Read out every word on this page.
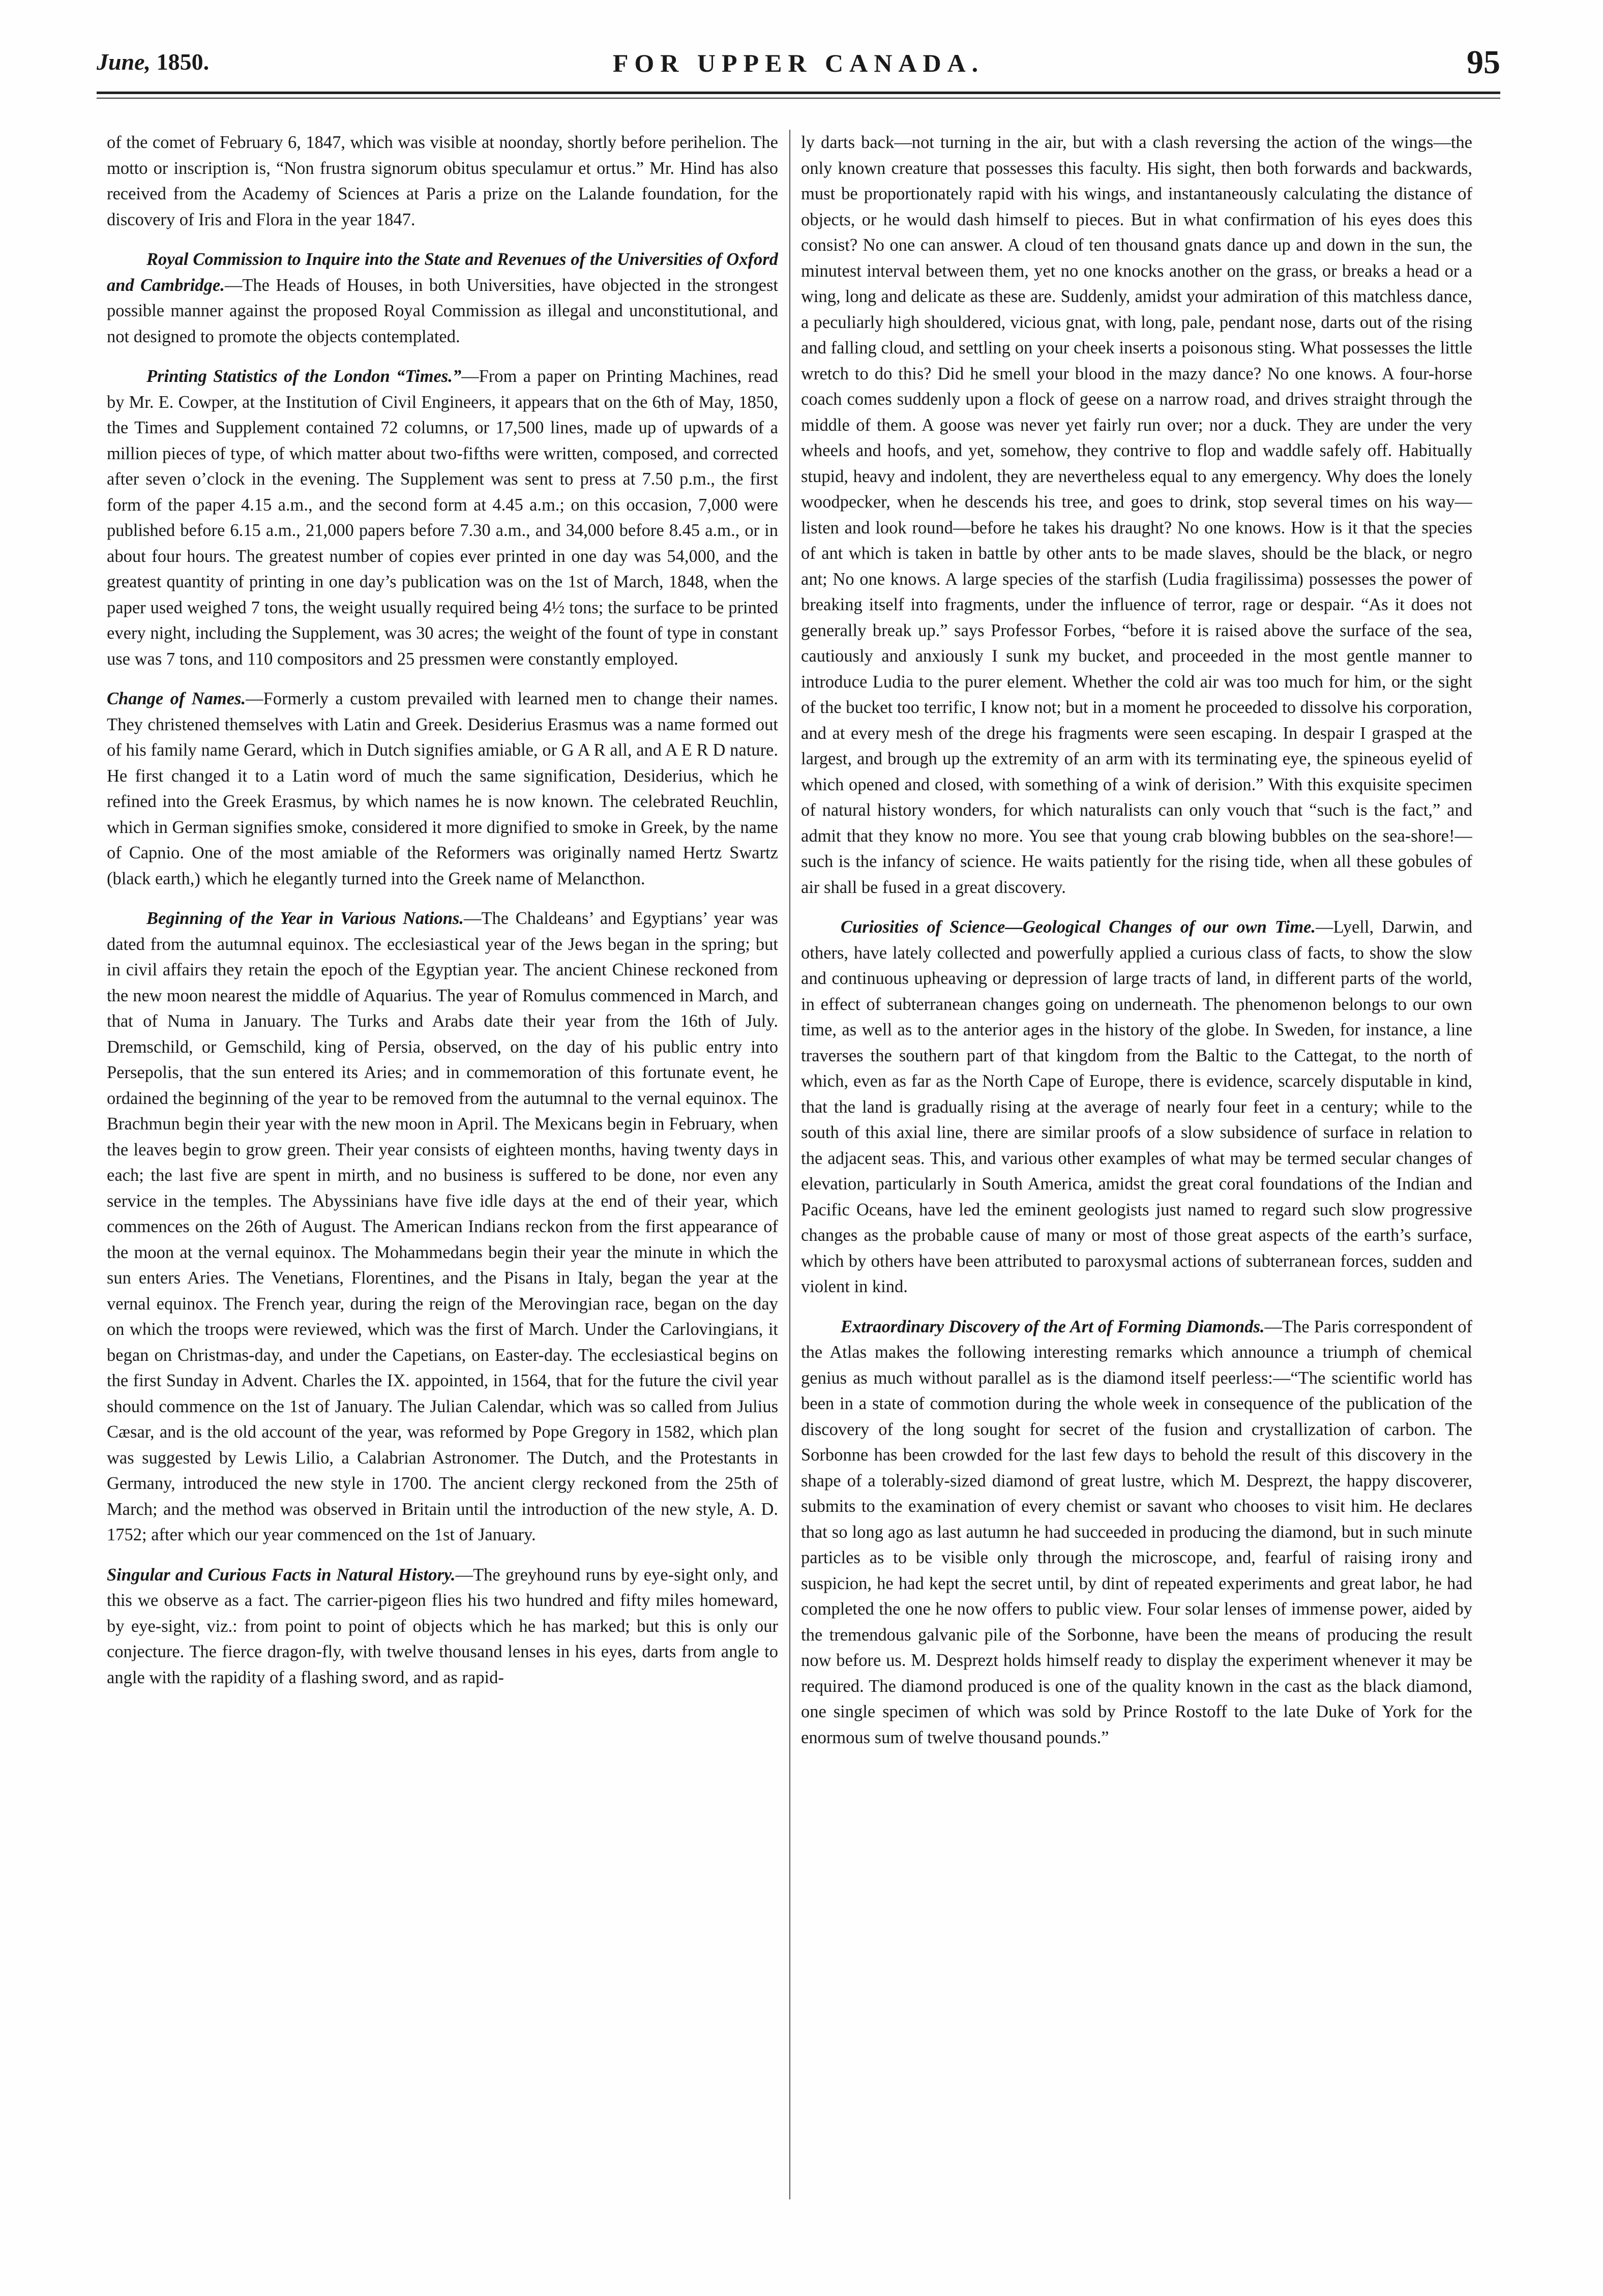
June, 1850.	FOR UPPER CANADA.	95

of the comet of February 6, 1847, which was visible at noonday, shortly before perihelion. The motto or inscription is, “Non frustra signorum obitus speculamur et ortus.” Mr. Hind has also received from the Academy of Sciences at Paris a prize on the Lalande foundation, for the discovery of Iris and Flora in the year 1847.

Royal Commission to Inquire into the State and Revenues of the Universities of Oxford and Cambridge.—The Heads of Houses, in both Universities, have objected in the strongest possible manner against the proposed Royal Commission as illegal and unconstitutional, and not designed to promote the objects contemplated.

Printing Statistics of the London “Times.”—From a paper on Printing Machines, read by Mr. E. Cowper, at the Institution of Civil Engineers, it appears that on the 6th of May, 1850, the Times and Supplement contained 72 columns, or 17,500 lines, made up of upwards of a million pieces of type, of which matter about two-fifths were written, composed, and corrected after seven o’clock in the evening. The Supplement was sent to press at 7.50 p.m., the first form of the paper 4.15 a.m., and the second form at 4.45 a.m.; on this occasion, 7,000 were published before 6.15 a.m., 21,000 papers before 7.30 a.m., and 34,000 before 8.45 a.m., or in about four hours. The greatest number of copies ever printed in one day was 54,000, and the greatest quantity of printing in one day’s publication was on the 1st of March, 1848, when the paper used weighed 7 tons, the weight usually required being 4½ tons; the surface to be printed every night, including the Supplement, was 30 acres; the weight of the fount of type in constant use was 7 tons, and 110 compositors and 25 pressmen were constantly employed.

Change of Names.—Formerly a custom prevailed with learned men to change their names. They christened themselves with Latin and Greek. Desiderius Erasmus was a name formed out of his family name Gerard, which in Dutch signifies amiable, or G A R all, and A E R D nature. He first changed it to a Latin word of much the same signification, Desiderius, which he refined into the Greek Erasmus, by which names he is now known. The celebrated Reuchlin, which in German signifies smoke, considered it more dignified to smoke in Greek, by the name of Capnio. One of the most amiable of the Reformers was originally named Hertz Swartz (black earth,) which he elegantly turned into the Greek name of Melancthon.

Beginning of the Year in Various Nations.—The Chaldeans’ and Egyptians’ year was dated from the autumnal equinox. The ecclesiastical year of the Jews began in the spring; but in civil affairs they retain the epoch of the Egyptian year. The ancient Chinese reckoned from the new moon nearest the middle of Aquarius. The year of Romulus commenced in March, and that of Numa in January. The Turks and Arabs date their year from the 16th of July. Dremschild, or Gemschild, king of Persia, observed, on the day of his public entry into Persepolis, that the sun entered its Aries; and in commemoration of this fortunate event, he ordained the beginning of the year to be removed from the autumnal to the vernal equinox. The Brachmun begin their year with the new moon in April. The Mexicans begin in February, when the leaves begin to grow green. Their year consists of eighteen months, having twenty days in each; the last five are spent in mirth, and no business is suffered to be done, nor even any service in the temples. The Abyssinians have five idle days at the end of their year, which commences on the 26th of August. The American Indians reckon from the first appearance of the moon at the vernal equinox. The Mohammedans begin their year the minute in which the sun enters Aries. The Venetians, Florentines, and the Pisans in Italy, began the year at the vernal equinox. The French year, during the reign of the Merovingian race, began on the day on which the troops were reviewed, which was the first of March. Under the Carlovingians, it began on Christmas-day, and under the Capetians, on Easter-day. The ecclesiastical begins on the first Sunday in Advent. Charles the IX. appointed, in 1564, that for the future the civil year should commence on the 1st of January. The Julian Calendar, which was so called from Julius Cæsar, and is the old account of the year, was reformed by Pope Gregory in 1582, which plan was suggested by Lewis Lilio, a Calabrian Astronomer. The Dutch, and the Protestants in Germany, introduced the new style in 1700. The ancient clergy reckoned from the 25th of March; and the method was observed in Britain until the introduction of the new style, A. D. 1752; after which our year commenced on the 1st of January.

Singular and Curious Facts in Natural History.—The greyhound runs by eye-sight only, and this we observe as a fact. The carrier-pigeon flies his two hundred and fifty miles homeward, by eye-sight, viz.: from point to point of objects which he has marked; but this is only our conjecture. The fierce dragon-fly, with twelve thousand lenses in his eyes, darts from angle to angle with the rapidity of a flashing sword, and as rapid-

ly darts back—not turning in the air, but with a clash reversing the action of the wings—the only known creature that possesses this faculty. His sight, then both forwards and backwards, must be proportionately rapid with his wings, and instantaneously calculating the distance of objects, or he would dash himself to pieces. But in what confirmation of his eyes does this consist? No one can answer. A cloud of ten thousand gnats dance up and down in the sun, the minutest interval between them, yet no one knocks another on the grass, or breaks a head or a wing, long and delicate as these are. Suddenly, amidst your admiration of this matchless dance, a peculiarly high shouldered, vicious gnat, with long, pale, pendant nose, darts out of the rising and falling cloud, and settling on your cheek inserts a poisonous sting. What possesses the little wretch to do this? Did he smell your blood in the mazy dance? No one knows. A four-horse coach comes suddenly upon a flock of geese on a narrow road, and drives straight through the middle of them. A goose was never yet fairly run over; nor a duck. They are under the very wheels and hoofs, and yet, somehow, they contrive to flop and waddle safely off. Habitually stupid, heavy and indolent, they are nevertheless equal to any emergency. Why does the lonely woodpecker, when he descends his tree, and goes to drink, stop several times on his way—listen and look round—before he takes his draught? No one knows. How is it that the species of ant which is taken in battle by other ants to be made slaves, should be the black, or negro ant; No one knows. A large species of the starfish (Ludia fragilissima) possesses the power of breaking itself into fragments, under the influence of terror, rage or despair. “As it does not generally break up.” says Professor Forbes, “before it is raised above the surface of the sea, cautiously and anxiously I sunk my bucket, and proceeded in the most gentle manner to introduce Ludia to the purer element. Whether the cold air was too much for him, or the sight of the bucket too terrific, I know not; but in a moment he proceeded to dissolve his corporation, and at every mesh of the drege his fragments were seen escaping. In despair I grasped at the largest, and brough up the extremity of an arm with its terminating eye, the spineous eyelid of which opened and closed, with something of a wink of derision.” With this exquisite specimen of natural history wonders, for which naturalists can only vouch that “such is the fact,” and admit that they know no more. You see that young crab blowing bubbles on the sea-shore!—such is the infancy of science. He waits patiently for the rising tide, when all these gobules of air shall be fused in a great discovery.

Curiosities of Science—Geological Changes of our own Time.—Lyell, Darwin, and others, have lately collected and powerfully applied a curious class of facts, to show the slow and continuous upheaving or depression of large tracts of land, in different parts of the world, in effect of subterranean changes going on underneath. The phenomenon belongs to our own time, as well as to the anterior ages in the history of the globe. In Sweden, for instance, a line traverses the southern part of that kingdom from the Baltic to the Cattegat, to the north of which, even as far as the North Cape of Europe, there is evidence, scarcely disputable in kind, that the land is gradually rising at the average of nearly four feet in a century; while to the south of this axial line, there are similar proofs of a slow subsidence of surface in relation to the adjacent seas. This, and various other examples of what may be termed secular changes of elevation, particularly in South America, amidst the great coral foundations of the Indian and Pacific Oceans, have led the eminent geologists just named to regard such slow progressive changes as the probable cause of many or most of those great aspects of the earth’s surface, which by others have been attributed to paroxysmal actions of subterranean forces, sudden and violent in kind.

Extraordinary Discovery of the Art of Forming Diamonds.—The Paris correspondent of the Atlas makes the following interesting remarks which announce a triumph of chemical genius as much without parallel as is the diamond itself peerless:—“The scientific world has been in a state of commotion during the whole week in consequence of the publication of the discovery of the long sought for secret of the fusion and crystallization of carbon. The Sorbonne has been crowded for the last few days to behold the result of this discovery in the shape of a tolerably-sized diamond of great lustre, which M. Desprezt, the happy discoverer, submits to the examination of every chemist or savant who chooses to visit him. He declares that so long ago as last autumn he had succeeded in producing the diamond, but in such minute particles as to be visible only through the microscope, and, fearful of raising irony and suspicion, he had kept the secret until, by dint of repeated experiments and great labor, he had completed the one he now offers to public view. Four solar lenses of immense power, aided by the tremendous galvanic pile of the Sorbonne, have been the means of producing the result now before us. M. Desprezt holds himself ready to display the experiment whenever it may be required. The diamond produced is one of the quality known in the cast as the black diamond, one single specimen of which was sold by Prince Rostoff to the late Duke of York for the enormous sum of twelve thousand pounds.”
